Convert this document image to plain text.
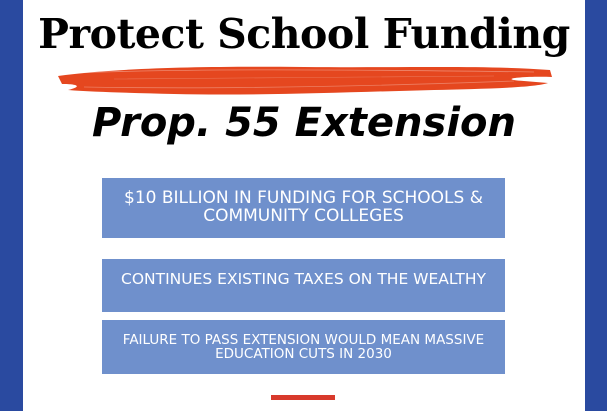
Protect School Funding
Prop. 55 Extension
$10 BILLION IN FUNDING FOR SCHOOLS & COMMUNITY COLLEGES
CONTINUES EXISTING TAXES ON THE WEALTHY
FAILURE TO PASS EXTENSION WOULD MEAN MASSIVE EDUCATION CUTS IN 2030
